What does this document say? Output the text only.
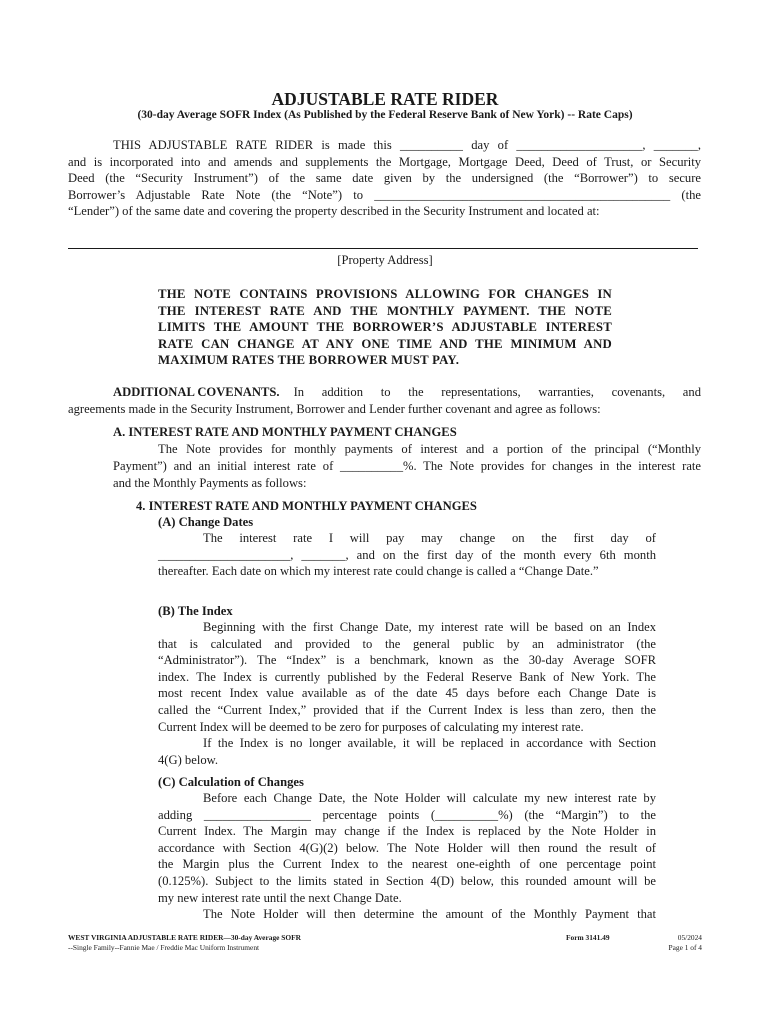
ADJUSTABLE RATE RIDER
(30-day Average SOFR Index (As Published by the Federal Reserve Bank of New York) -- Rate Caps)
THIS ADJUSTABLE RATE RIDER is made this __________ day of ____________________, _______,
and is incorporated into and amends and supplements the Mortgage, Mortgage Deed, Deed of Trust, or Security
Deed (the “Security Instrument”) of the same date given by the undersigned (the “Borrower”) to secure
Borrower’s Adjustable Rate Note (the “Note”) to _______________________________________________ (the
“Lender”) of the same date and covering the property described in the Security Instrument and located at:
[Property Address]
THE NOTE CONTAINS PROVISIONS ALLOWING FOR CHANGES IN
THE INTEREST RATE AND THE MONTHLY PAYMENT. THE NOTE
LIMITS THE AMOUNT THE BORROWER’S ADJUSTABLE INTEREST
RATE CAN CHANGE AT ANY ONE TIME AND THE MINIMUM AND
MAXIMUM RATES THE BORROWER MUST PAY.
ADDITIONAL COVENANTS. In addition to the representations, warranties, covenants, and
agreements made in the Security Instrument, Borrower and Lender further covenant and agree as follows:
A. INTEREST RATE AND MONTHLY PAYMENT CHANGES
The Note provides for monthly payments of interest and a portion of the principal (“Monthly
Payment”) and an initial interest rate of __________%. The Note provides for changes in the interest rate
and the Monthly Payments as follows:
4. INTEREST RATE AND MONTHLY PAYMENT CHANGES
(A) Change Dates
The interest rate I will pay may change on the first day of
_____________________, _______, and on the first day of the month every 6th month
thereafter. Each date on which my interest rate could change is called a “Change Date.”
(B) The Index
Beginning with the first Change Date, my interest rate will be based on an Index
that is calculated and provided to the general public by an administrator (the
“Administrator”). The “Index” is a benchmark, known as the 30-day Average SOFR
index. The Index is currently published by the Federal Reserve Bank of New York. The
most recent Index value available as of the date 45 days before each Change Date is
called the “Current Index,” provided that if the Current Index is less than zero, then the
Current Index will be deemed to be zero for purposes of calculating my interest rate.
If the Index is no longer available, it will be replaced in accordance with Section
4(G) below.
(C) Calculation of Changes
Before each Change Date, the Note Holder will calculate my new interest rate by
adding _________________ percentage points (__________%) (the “Margin”) to the
Current Index. The Margin may change if the Index is replaced by the Note Holder in
accordance with Section 4(G)(2) below. The Note Holder will then round the result of
the Margin plus the Current Index to the nearest one-eighth of one percentage point
(0.125%). Subject to the limits stated in Section 4(D) below, this rounded amount will be
my new interest rate until the next Change Date.
The Note Holder will then determine the amount of the Monthly Payment that
WEST VIRGINIA ADJUSTABLE RATE RIDER—30-day Average SOFR
--Single Family--Fannie Mae / Freddie Mac Uniform Instrument
Form 3141.49	05/2024
Page 1 of 4
